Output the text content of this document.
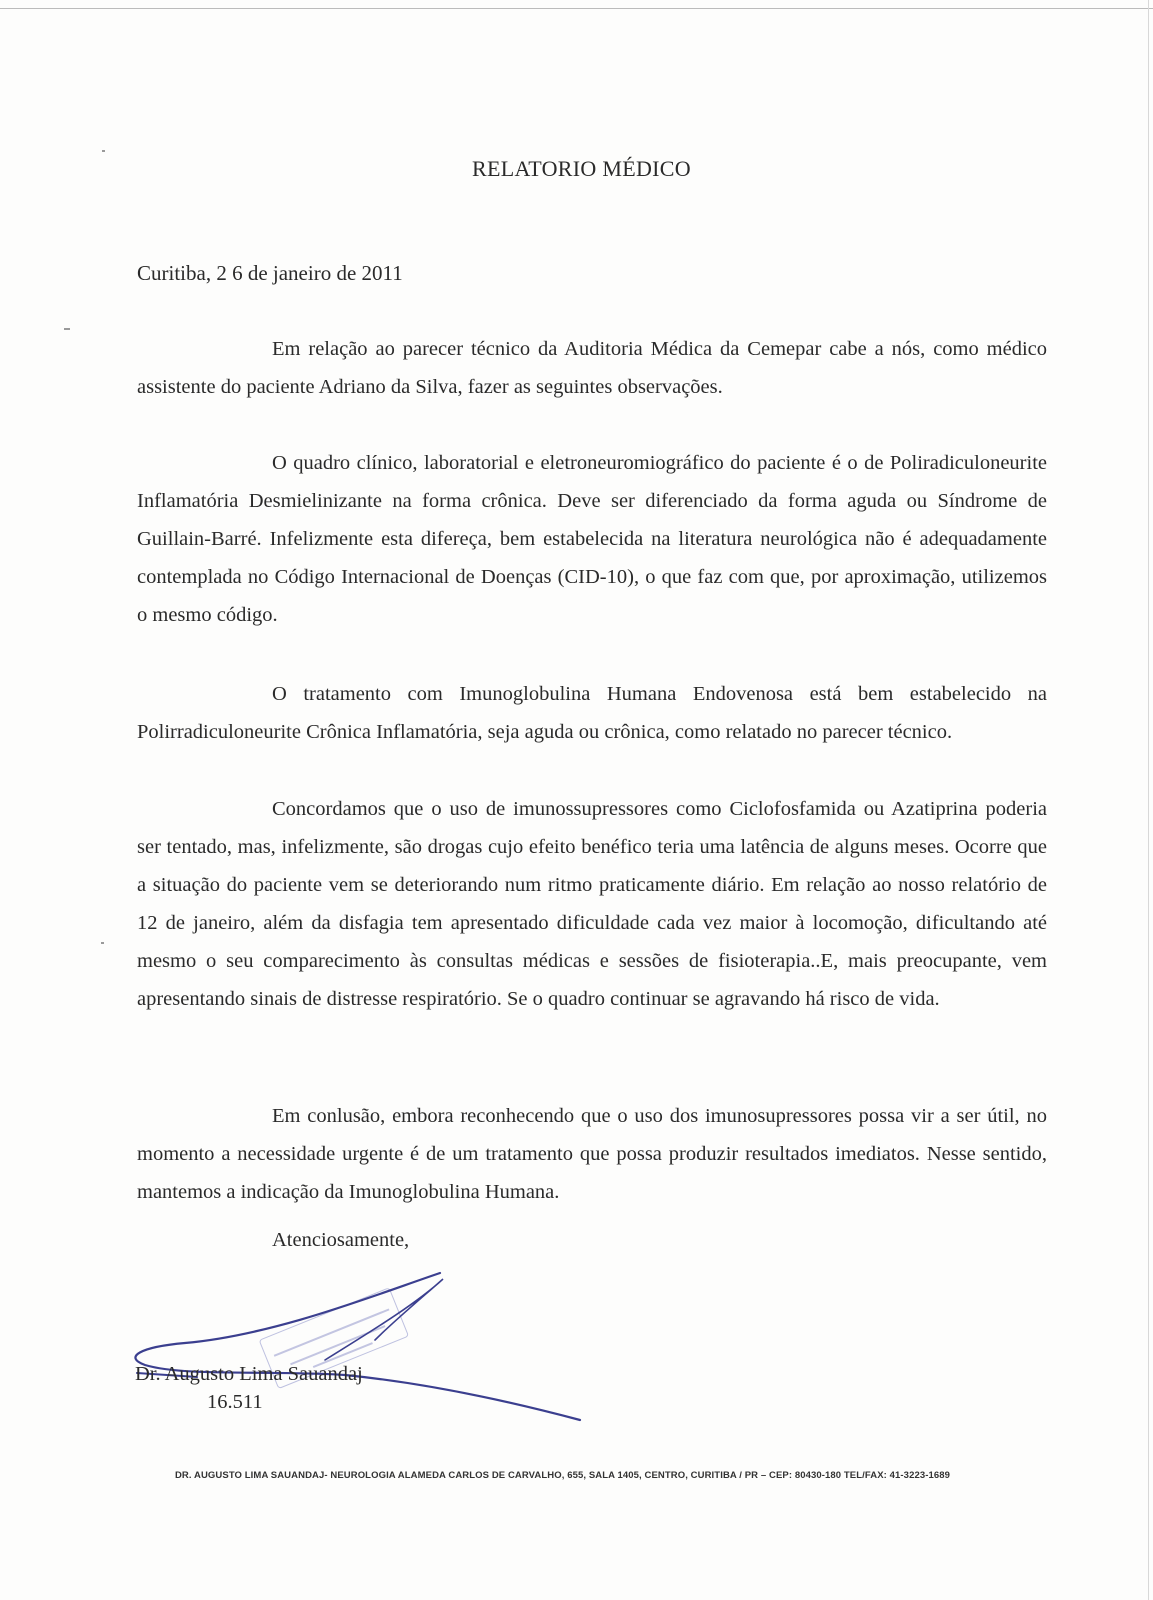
RELATORIO MÉDICO
Curitiba, 2 6 de janeiro de 2011

Em relação ao parecer técnico da Auditoria Médica da Cemepar cabe a nós, como médico assistente do paciente Adriano da Silva, fazer as seguintes observações.

O quadro clínico, laboratorial e eletroneuromiográfico do paciente é o de Poliradiculoneurite Inflamatória Desmielinizante na forma crônica. Deve ser diferenciado da forma aguda ou Síndrome de Guillain-Barré. Infelizmente esta difereça, bem estabelecida na literatura neurológica não é adequadamente contemplada no Código Internacional de Doenças (CID-10), o que faz com que, por aproximação, utilizemos o mesmo código.

O tratamento com Imunoglobulina Humana Endovenosa está bem estabelecido na Polirradiculoneurite Crônica Inflamatória, seja aguda ou crônica, como relatado no parecer técnico.

Concordamos que o uso de imunossupressores como Ciclofosfamida ou Azatiprina poderia ser tentado, mas, infelizmente, são drogas cujo efeito benéfico teria uma latência de alguns meses. Ocorre que a situação do paciente vem se deteriorando num ritmo praticamente diário. Em relação ao nosso relatório de 12 de janeiro, além da disfagia tem apresentado dificuldade cada vez maior à locomoção, dificultando até mesmo o seu comparecimento às consultas médicas e sessões de fisioterapia..E, mais preocupante, vem apresentando sinais de distresse respiratório. Se o quadro continuar se agravando há risco de vida.

Em conlusão, embora reconhecendo que o uso dos imunosupressores possa vir a ser útil, no momento a necessidade urgente é de um tratamento que possa produzir resultados imediatos. Nesse sentido, mantemos a indicação da Imunoglobulina Humana.

Atenciosamente,
Dr. Augusto Lima Sauandaj
16.511
DR. AUGUSTO LIMA SAUANDAJ- NEUROLOGIA ALAMEDA CARLOS DE CARVALHO, 655, SALA 1405, CENTRO, CURITIBA / PR – CEP: 80430-180 TEL/FAX: 41-3223-1689
